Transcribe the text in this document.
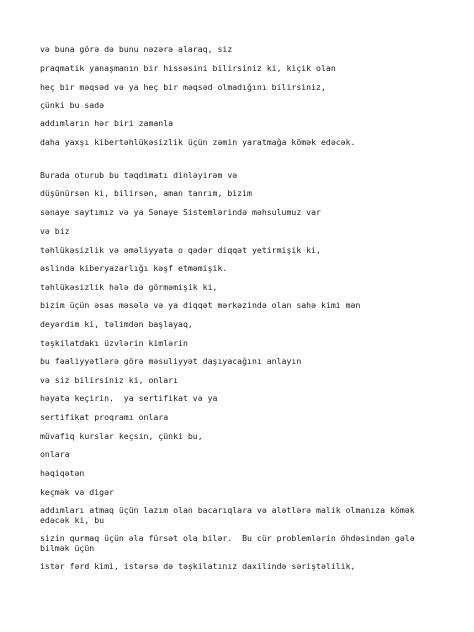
və buna görə də bunu nəzərə alaraq, siz
praqmatik yanaşmanın bir hissəsini bilirsiniz ki, kiçik olan
heç bir məqsəd və ya heç bir məqsəd olmadığını bilirsiniz,
çünki bu sadə
addımların hər biri zamanla
daha yaxşı kibertəhlükəsizlik üçün zəmin yaratmağa kömək edəcək.
Burada oturub bu təqdimatı dinləyirəm və
düşünürsən ki, bilirsən, aman tanrım, bizim
sənaye saytımız və ya Sənaye Sistemlərində məhsulumuz var
və biz
təhlükəsizlik və əməliyyata o qədər diqqət yetirmişik ki,
əslində kiberyazarlığı kəşf etməmişik.
təhlükəsizlik hələ də görməmişik ki,
bizim üçün əsas məsələ və ya diqqət mərkəzində olan sahə kimi mən
deyərdim ki, təlimdən başlayaq,
təşkilatdakı üzvlərin kimlərin
bu fəaliyyətlərə görə məsuliyyət daşıyacağını anlayın
və siz bilirsiniz ki, onları
həyata keçirin.  ya sertifikat və ya
sertifikat proqramı onlara
müvafiq kurslar keçsin, çünki bu,
onlara
həqiqətən
keçmək və digər
addımları atmaq üçün lazım olan bacarıqlara və alətlərə malik olmanıza kömək edəcək ki, bu
sizin qurmaq üçün əla fürsət ola bilər.  Bu cür problemlərin öhdəsindən gələ bilmək üçün
istər fərd kimi, istərsə də təşkilatınız daxilində səriştəlilik,
